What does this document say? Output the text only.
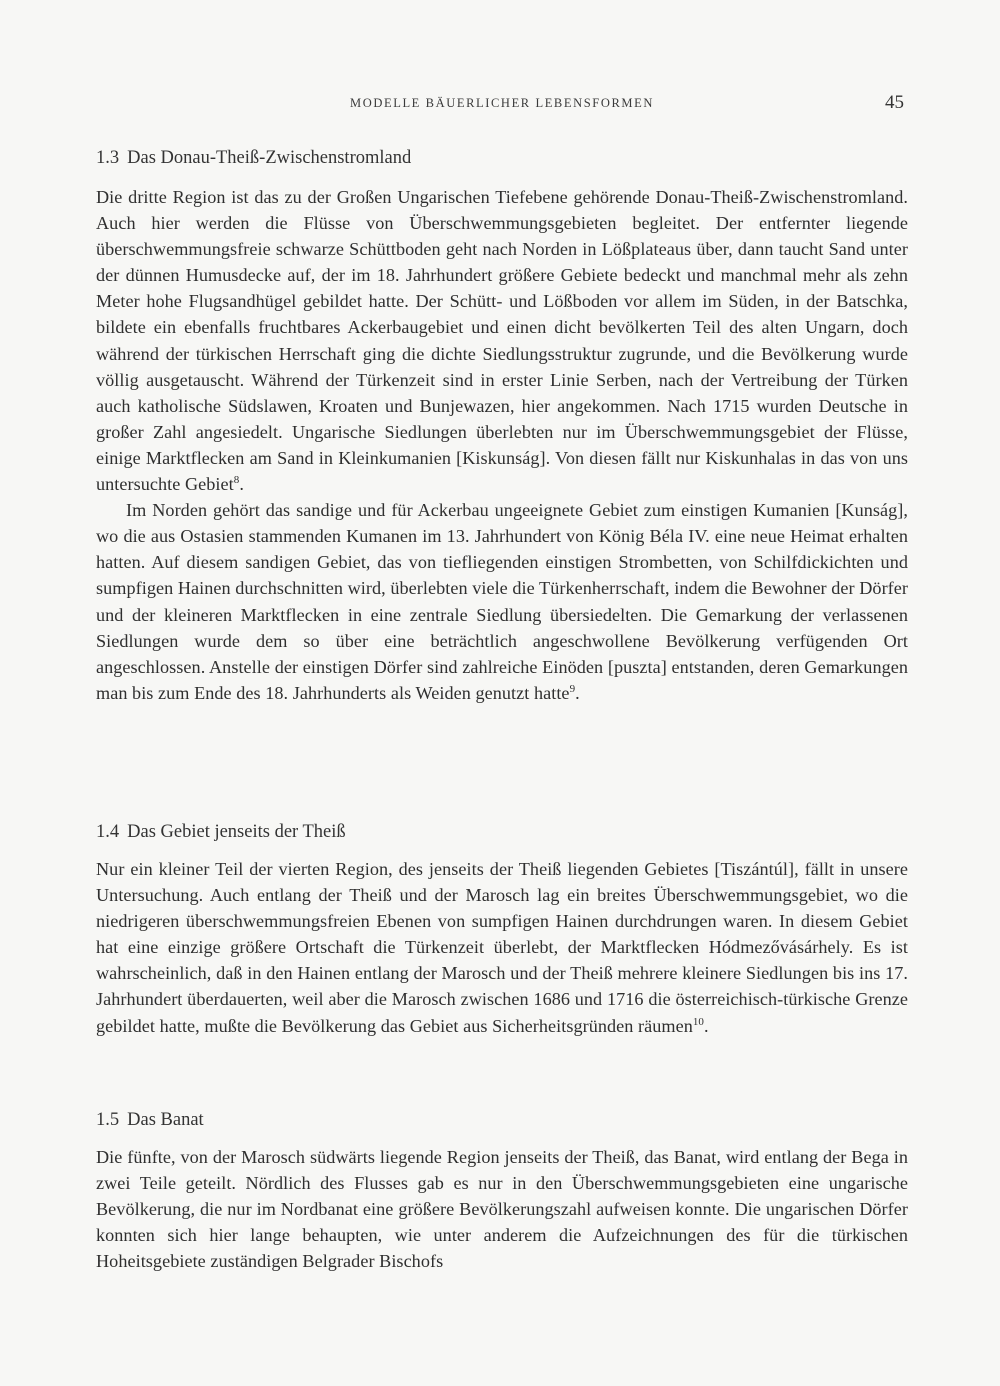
MODELLE BÄUERLICHER LEBENSFORMEN	45
1.3 Das Donau-Theiß-Zwischenstromland

Die dritte Region ist das zu der Großen Ungarischen Tiefebene gehörende Donau-Theiß-Zwischenstromland. Auch hier werden die Flüsse von Überschwemmungsgebieten begleitet. Der entfernter liegende überschwemmungsfreie schwarze Schüttboden geht nach Norden in Lößplateaus über, dann taucht Sand unter der dünnen Humusdecke auf, der im 18. Jahrhundert größere Gebiete bedeckt und manchmal mehr als zehn Meter hohe Flugsandhügel gebildet hatte. Der Schütt- und Lößboden vor allem im Süden, in der Batschka, bildete ein ebenfalls fruchtbares Ackerbaugebiet und einen dicht bevölkerten Teil des alten Ungarn, doch während der türkischen Herrschaft ging die dichte Siedlungsstruktur zugrunde, und die Bevölkerung wurde völlig ausgetauscht. Während der Türkenzeit sind in erster Linie Serben, nach der Vertreibung der Türken auch katholische Südslawen, Kroaten und Bunjewazen, hier angekommen. Nach 1715 wurden Deutsche in großer Zahl angesiedelt. Ungarische Siedlungen überlebten nur im Überschwemmungsgebiet der Flüsse, einige Marktflecken am Sand in Kleinkumanien [Kiskunság]. Von diesen fällt nur Kiskunhalas in das von uns untersuchte Gebiet$^8$.

Im Norden gehört das sandige und für Ackerbau ungeeignete Gebiet zum einstigen Kumanien [Kunság], wo die aus Ostasien stammenden Kumanen im 13. Jahrhundert von König Béla IV. eine neue Heimat erhalten hatten. Auf diesem sandigen Gebiet, das von tiefliegenden einstigen Strombetten, von Schilfdickichten und sumpfigen Hainen durchschnitten wird, überlebten viele die Türkenherrschaft, indem die Bewohner der Dörfer und der kleineren Marktflecken in eine zentrale Siedlung übersiedelten. Die Gemarkung der verlassenen Siedlungen wurde dem so über eine beträchtlich angeschwollene Bevölkerung verfügenden Ort angeschlossen. Anstelle der einstigen Dörfer sind zahlreiche Einöden [puszta] entstanden, deren Gemarkungen man bis zum Ende des 18. Jahrhunderts als Weiden genutzt hatte$^9$.

1.4 Das Gebiet jenseits der Theiß

Nur ein kleiner Teil der vierten Region, des jenseits der Theiß liegenden Gebietes [Tiszántúl], fällt in unsere Untersuchung. Auch entlang der Theiß und der Marosch lag ein breites Überschwemmungsgebiet, wo die niedrigeren überschwemmungsfreien Ebenen von sumpfigen Hainen durchdrungen waren. In diesem Gebiet hat eine einzige größere Ortschaft die Türkenzeit überlebt, der Marktflecken Hódmezővásárhely. Es ist wahrscheinlich, daß in den Hainen entlang der Marosch und der Theiß mehrere kleinere Siedlungen bis ins 17. Jahrhundert überdauerten, weil aber die Marosch zwischen 1686 und 1716 die österreichisch-türkische Grenze gebildet hatte, mußte die Bevölkerung das Gebiet aus Sicherheitsgründen räumen$^{10}$.

1.5 Das Banat

Die fünfte, von der Marosch südwärts liegende Region jenseits der Theiß, das Banat, wird entlang der Bega in zwei Teile geteilt. Nördlich des Flusses gab es nur in den Überschwemmungsgebieten eine ungarische Bevölkerung, die nur im Nordbanat eine größere Bevölkerungszahl aufweisen konnte. Die ungarischen Dörfer konnten sich hier lange behaupten, wie unter anderem die Aufzeichnungen des für die türkischen Hoheitsgebiete zuständigen Belgrader Bischofs
